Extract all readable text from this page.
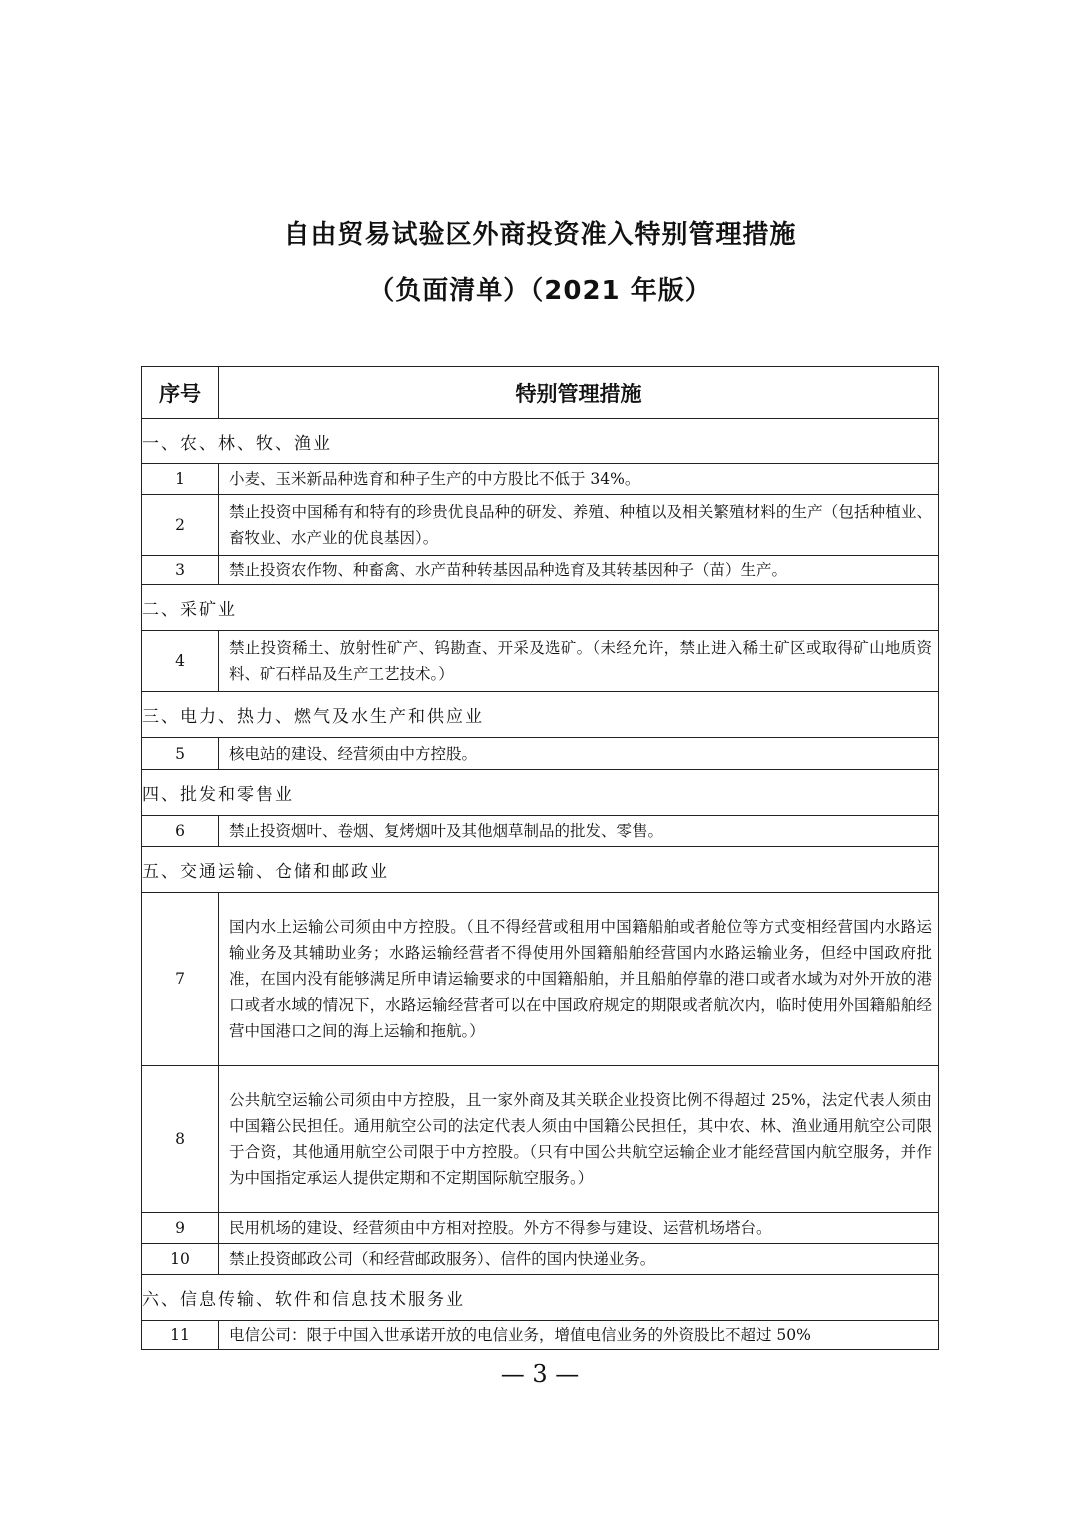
自由贸易试验区外商投资准入特别管理措施
（负面清单）（2021 年版）
序号	特别管理措施
一、农、林、牧、渔业	
1	小麦、玉米新品种选育和种子生产的中方股比不低于 34%。
2	禁止投资中国稀有和特有的珍贵优良品种的研发、养殖、种植以及相关繁殖材料的生产（包括种植业、畜牧业、水产业的优良基因）。
3	禁止投资农作物、种畜禽、水产苗种转基因品种选育及其转基因种子（苗）生产。
二、采矿业	
4	禁止投资稀土、放射性矿产、钨勘查、开采及选矿。（未经允许，禁止进入稀土矿区或取得矿山地质资料、矿石样品及生产工艺技术。）
三、电力、热力、燃气及水生产和供应业	
5	核电站的建设、经营须由中方控股。
四、批发和零售业	
6	禁止投资烟叶、卷烟、复烤烟叶及其他烟草制品的批发、零售。
五、交通运输、仓储和邮政业	
7	国内水上运输公司须由中方控股。（且不得经营或租用中国籍船舶或者舱位等方式变相经营国内水路运输业务及其辅助业务；水路运输经营者不得使用外国籍船舶经营国内水路运输业务，但经中国政府批准，在国内没有能够满足所申请运输要求的中国籍船舶，并且船舶停靠的港口或者水域为对外开放的港口或者水域的情况下，水路运输经营者可以在中国政府规定的期限或者航次内，临时使用外国籍船舶经营中国港口之间的海上运输和拖航。）
8	公共航空运输公司须由中方控股，且一家外商及其关联企业投资比例不得超过 25%，法定代表人须由中国籍公民担任。通用航空公司的法定代表人须由中国籍公民担任，其中农、林、渔业通用航空公司限于合资，其他通用航空公司限于中方控股。（只有中国公共航空运输企业才能经营国内航空服务，并作为中国指定承运人提供定期和不定期国际航空服务。）
9	民用机场的建设、经营须由中方相对控股。外方不得参与建设、运营机场塔台。
10	禁止投资邮政公司（和经营邮政服务）、信件的国内快递业务。
六、信息传输、软件和信息技术服务业	
11	电信公司：限于中国入世承诺开放的电信业务，增值电信业务的外资股比不超过 50%
— 3 —
